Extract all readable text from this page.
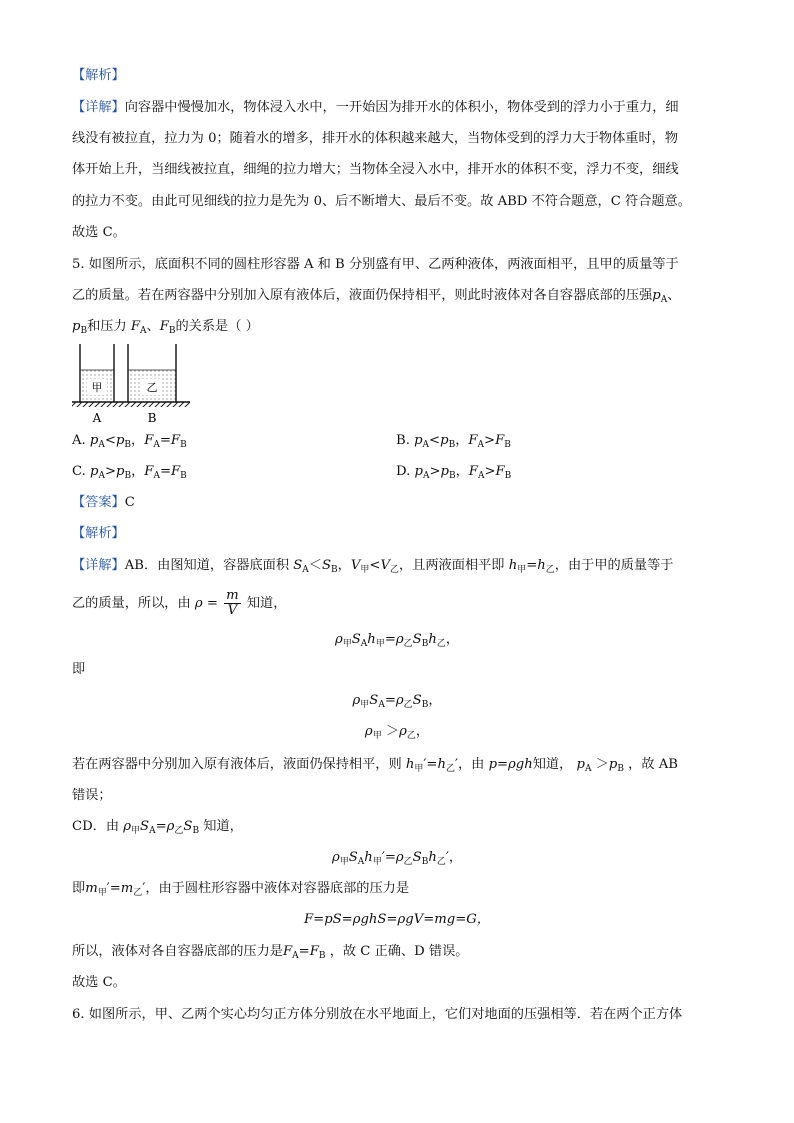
【解析】
【详解】向容器中慢慢加水，物体浸入水中，一开始因为排开水的体积小，物体受到的浮力小于重力，细
线没有被拉直，拉力为 0；随着水的增多，排开水的体积越来越大，当物体受到的浮力大于物体重时，物
体开始上升，当细线被拉直，细绳的拉力增大；当物体全浸入水中，排开水的体积不变，浮力不变，细线
的拉力不变。由此可见细线的拉力是先为 0、后不断增大、最后不变。故 ABD 不符合题意，C 符合题意。
故选 C。
5. 如图所示，底面积不同的圆柱形容器 A 和 B 分别盛有甲、乙两种液体，两液面相平，且甲的质量等于
乙的质量。若在两容器中分别加入原有液体后，液面仍保持相平，则此时液体对各自容器底部的压强$p_A$、
$p_B$和压力 $F_A$、$F_B$的关系是（ ）
甲	乙
A	B
A. $p_A<p_B$，$F_A=F_B$	B. $p_A<p_B$，$F_A>F_B$
C. $p_A>p_B$，$F_A=F_B$	D. $p_A>p_B$，$F_A>F_B$
【答案】C
【解析】
【详解】AB．由图知道，容器底面积 $S_A<S_B$，$V_甲<V_乙$，且两液面相平即 $h_甲=h_乙$，由于甲的质量等于
乙的质量，所以，由 $\rho = \frac{m}{V}$ 知道，
$\rho_甲S_Ah_甲=\rho_乙S_Bh_乙$，
即
$\rho_甲S_A=\rho_乙S_B$，
$\rho_甲 >\rho_乙$，
若在两容器中分别加入原有液体后，液面仍保持相平，则 $h_甲'=h_乙'$，由 p=ρgh知道， $p_A >p_B$ ，故 AB
错误；
CD．由 $\rho_甲S_A=\rho_乙S_B$ 知道，
$\rho_甲S_Ah_甲'=\rho_乙S_Bh_乙'$，
即$m_甲'=m_乙'$，由于圆柱形容器中液体对容器底部的压力是
F=pS=ρghS=ρgV=mg=G，
所以，液体对各自容器底部的压力是$F_A=F_B$ ，故 C 正确、D 错误。
故选 C。
6. 如图所示，甲、乙两个实心均匀正方体分别放在水平地面上，它们对地面的压强相等．若在两个正方体
